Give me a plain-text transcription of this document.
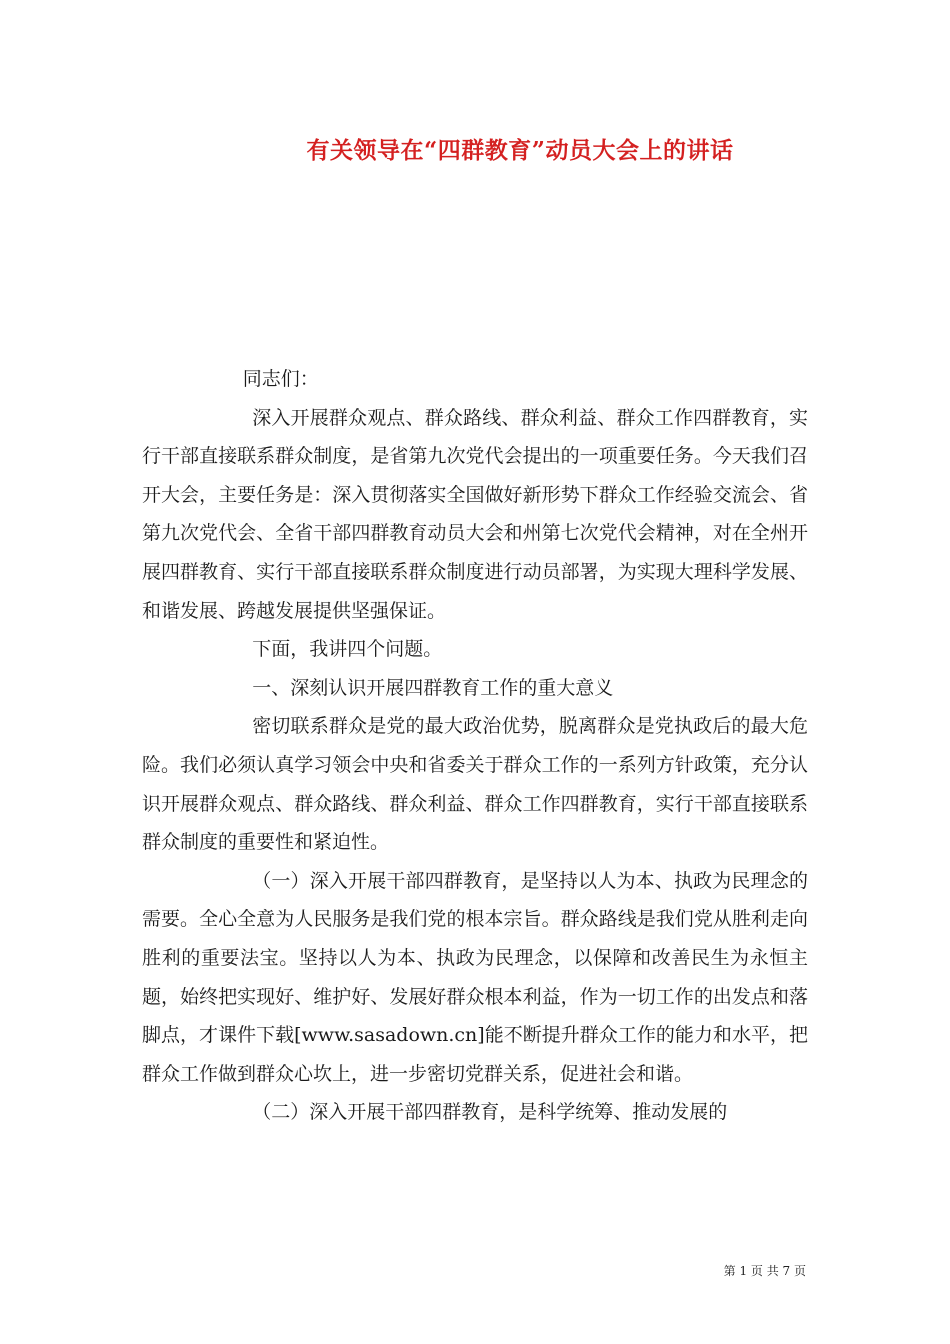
有关领导在“四群教育”动员大会上的讲话

同志们：

深入开展群众观点、群众路线、群众利益、群众工作四群教育，实行干部直接联系群众制度，是省第九次党代会提出的一项重要任务。今天我们召开大会，主要任务是：深入贯彻落实全国做好新形势下群众工作经验交流会、省第九次党代会、全省干部四群教育动员大会和州第七次党代会精神，对在全州开展四群教育、实行干部直接联系群众制度进行动员部署，为实现大理科学发展、和谐发展、跨越发展提供坚强保证。

下面，我讲四个问题。

一、深刻认识开展四群教育工作的重大意义

密切联系群众是党的最大政治优势，脱离群众是党执政后的最大危险。我们必须认真学习领会中央和省委关于群众工作的一系列方针政策，充分认识开展群众观点、群众路线、群众利益、群众工作四群教育，实行干部直接联系群众制度的重要性和紧迫性。

（一）深入开展干部四群教育，是坚持以人为本、执政为民理念的需要。全心全意为人民服务是我们党的根本宗旨。群众路线是我们党从胜利走向胜利的重要法宝。坚持以人为本、执政为民理念，以保障和改善民生为永恒主题，始终把实现好、维护好、发展好群众根本利益，作为一切工作的出发点和落脚点，才课件下载[www.sasadown.cn]能不断提升群众工作的能力和水平，把群众工作做到群众心坎上，进一步密切党群关系，促进社会和谐。

（二）深入开展干部四群教育，是科学统筹、推动发展的

第 1 页 共 7 页
